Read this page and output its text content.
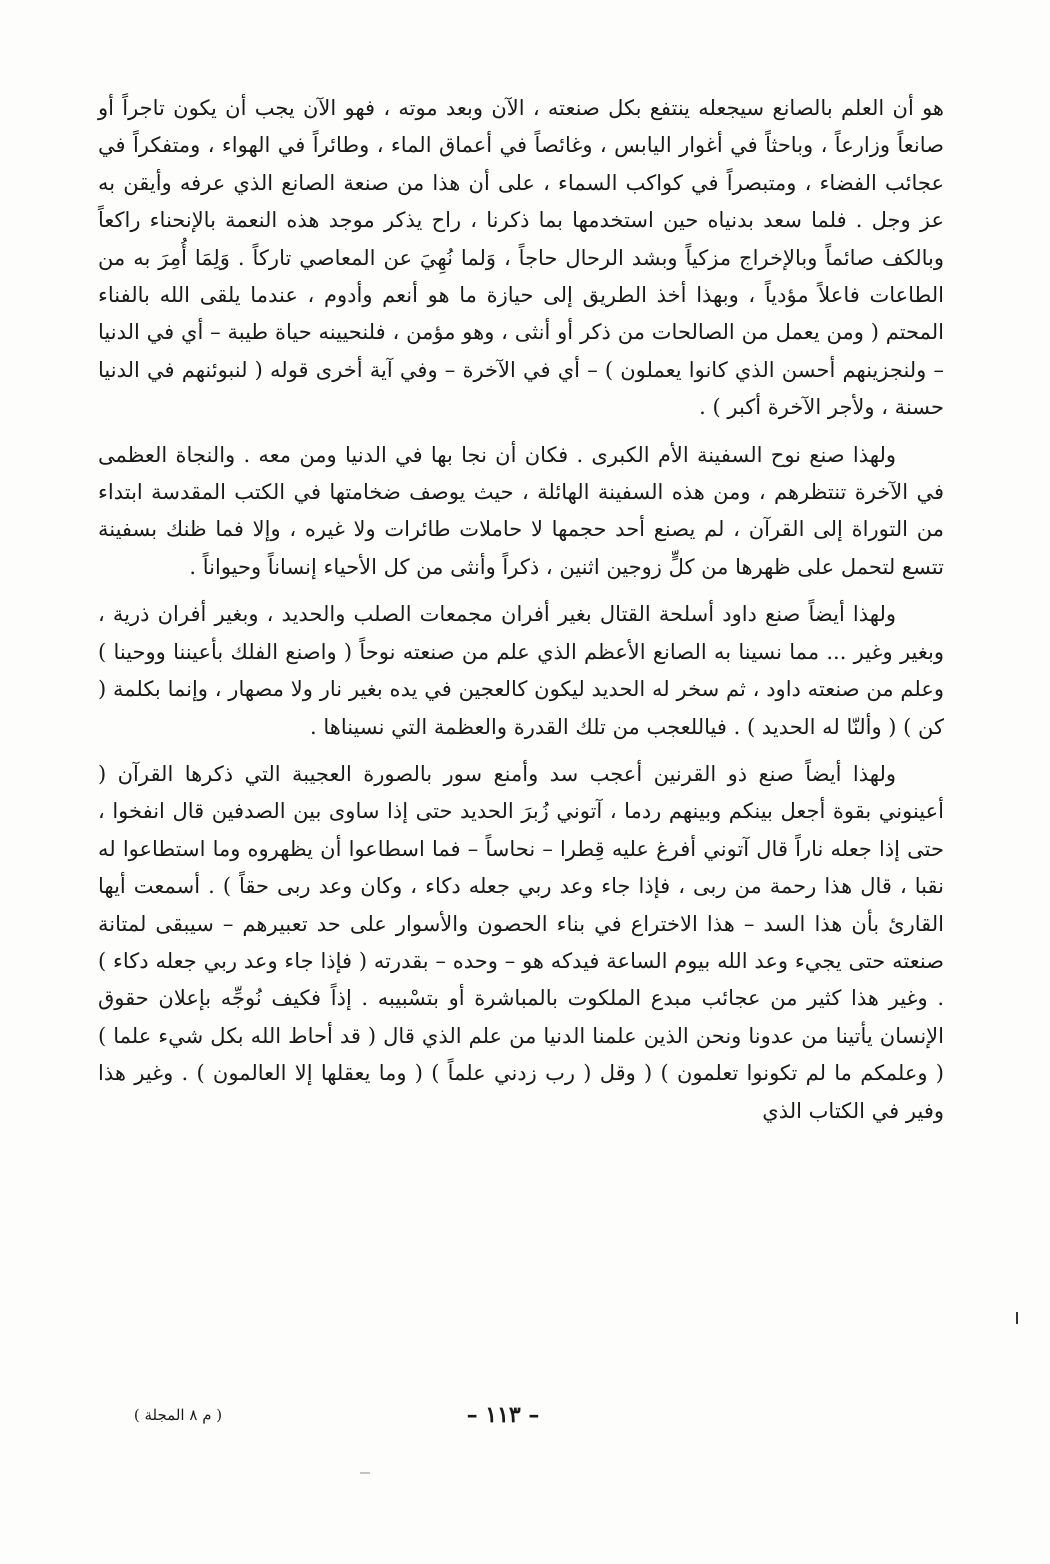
هو أن العلم بالصانع سيجعله ينتفع بكل صنعته ، الآن وبعد موته ، فهو الآن يجب أن يكون تاجراً أو صانعاً وزارعاً ، وباحثاً في أغوار اليابس ، وغائصاً في أعماق الماء ، وطائراً في الهواء ، ومتفكراً في عجائب الفضاء ، ومتبصراً في كواكب السماء ، على أن هذا من صنعة الصانع الذي عرفه وأيقن به عز وجل . فلما سعد بدنياه حين استخدمها بما ذكرنا ، راح يذكر موجد هذه النعمة بالإنحناء راكعاً وبالكف صائماً وبالإخراج مزكياً وبشد الرحال حاجاً ، وَلما نُهِيَ عن المعاصي تاركاً . وَلِمَا أُمِرَ به من الطاعات فاعلاً مؤدياً ، وبهذا أخذ الطريق إلى حيازة ما هو أنعم وأدوم ، عندما يلقى الله بالفناء المحتم ( ومن يعمل من الصالحات من ذكر أو أنثى ، وهو مؤمن ، فلنحيينه حياة طيبة – أي في الدنيا – ولنجزينهم أحسن الذي كانوا يعملون ) – أي في الآخرة – وفي آية أخرى قوله ( لنبوئنهم في الدنيا حسنة ، ولأجر الآخرة أكبر ) .

ولهذا صنع نوح السفينة الأم الكبرى . فكان أن نجا بها في الدنيا ومن معه . والنجاة العظمى في الآخرة تنتظرهم ، ومن هذه السفينة الهائلة ، حيث يوصف ضخامتها في الكتب المقدسة ابتداء من التوراة إلى القرآن ، لم يصنع أحد حجمها لا حاملات طائرات ولا غيره ، وإلا فما ظنك بسفينة تتسع لتحمل على ظهرها من كلٍّ زوجين اثنين ، ذكراً وأنثى من كل الأحياء إنساناً وحيواناً .

ولهذا أيضاً صنع داود أسلحة القتال بغير أفران مجمعات الصلب والحديد ، وبغير أفران ذرية ، وبغير وغير ... مما نسينا به الصانع الأعظم الذي علم من صنعته نوحاً ( واصنع الفلك بأعيننا ووحينا ) وعلم من صنعته داود ، ثم سخر له الحديد ليكون كالعجين في يده بغير نار ولا مصهار ، وإنما بكلمة ( كن ) ( وألنّا له الحديد ) . فياللعجب من تلك القدرة والعظمة التي نسيناها .

ولهذا أيضاً صنع ذو القرنين أعجب سد وأمنع سور بالصورة العجيبة التي ذكرها القرآن ( أعينوني بقوة أجعل بينكم وبينهم ردما ، آتوني زُبرَ الحديد حتى إذا ساوى بين الصدفين قال انفخوا ، حتى إذا جعله ناراً قال آتوني أفرغ عليه قِطرا – نحاساً – فما اسطاعوا أن يظهروه وما استطاعوا له نقبا ، قال هذا رحمة من ربى ، فإذا جاء وعد ربي جعله دكاء ، وكان وعد ربى حقاً ) . أسمعت أيها القارئ بأن هذا السد – هذا الاختراع في بناء الحصون والأسوار على حد تعبيرهم – سيبقى لمتانة صنعته حتى يجيء وعد الله بيوم الساعة فيدكه هو – وحده – بقدرته ( فإذا جاء وعد ربي جعله دكاء ) . وغير هذا كثير من عجائب مبدع الملكوت بالمباشرة أو بتسْبيبه . إذاً فكيف نُوجِّه بإعلان حقوق الإنسان يأتينا من عدونا ونحن الذين علمنا الدنيا من علم الذي قال ( قد أحاط الله بكل شيء علما ) ( وعلمكم ما لم تكونوا تعلمون ) ( وقل ( رب زدني علماً ) ( وما يعقلها إلا العالمون ) . وغير هذا وفير في الكتاب الذي

( م ٨ المجلة )	– ١١٣ –
